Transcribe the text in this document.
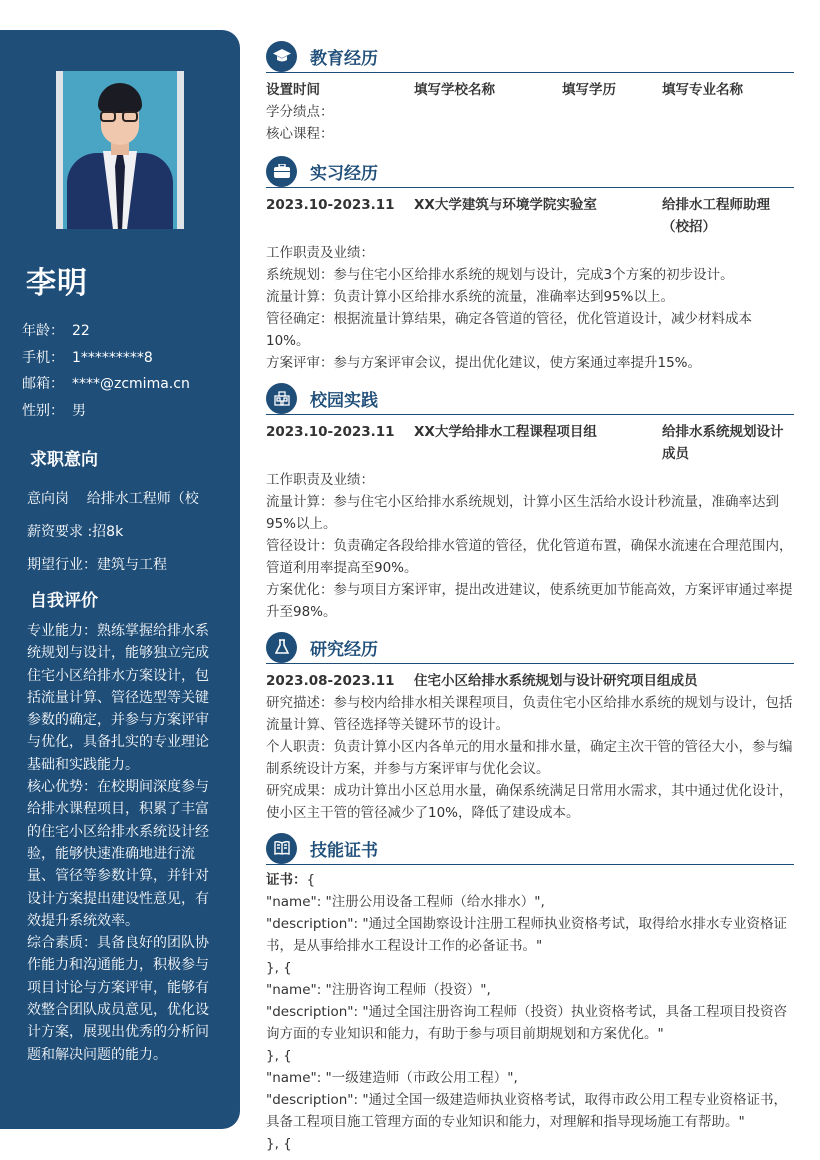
李明
年龄： 22
手机： 1*********8
邮箱： ****@zcmima.cn
性别： 男
求职意向
意向岗    给排水工程师（校
薪资要求 :招8k
期望行业：建筑与工程
自我评价
专业能力：熟练掌握给排水系统规划与设计，能够独立完成住宅小区给排水方案设计，包括流量计算、管径选型等关键参数的确定，并参与方案评审与优化，具备扎实的专业理论基础和实践能力。
核心优势：在校期间深度参与给排水课程项目，积累了丰富的住宅小区给排水系统设计经验，能够快速准确地进行流量、管径等参数计算，并针对设计方案提出建设性意见，有效提升系统效率。
综合素质：具备良好的团队协作能力和沟通能力，积极参与项目讨论与方案评审，能够有效整合团队成员意见，优化设计方案，展现出优秀的分析问题和解决问题的能力。
教育经历
设置时间	填写学校名称	填写学历	填写专业名称
学分绩点：
核心课程：
实习经历
2023.10-2023.11	XX大学建筑与环境学院实验室	给排水工程师助理（校招）
工作职责及业绩：
系统规划：参与住宅小区给排水系统的规划与设计，完成3个方案的初步设计。
流量计算：负责计算小区给排水系统的流量，准确率达到95%以上。
管径确定：根据流量计算结果，确定各管道的管径，优化管道设计，减少材料成本10%。
方案评审：参与方案评审会议，提出优化建议，使方案通过率提升15%。
校园实践
2023.10-2023.11	XX大学给排水工程课程项目组	给排水系统规划设计成员
工作职责及业绩：
流量计算：参与住宅小区给排水系统规划，计算小区生活给水设计秒流量，准确率达到95%以上。
管径设计：负责确定各段给排水管道的管径，优化管道布置，确保水流速在合理范围内，管道利用率提高至90%。
方案优化：参与项目方案评审，提出改进建议，使系统更加节能高效，方案评审通过率提升至98%。
研究经历
2023.08-2023.11	住宅小区给排水系统规划与设计研究 项目组成员
研究描述：参与校内给排水相关课程项目，负责住宅小区给排水系统的规划与设计，包括流量计算、管径选择等关键环节的设计。
个人职责：负责计算小区内各单元的用水量和排水量，确定主次干管的管径大小，参与编制系统设计方案，并参与方案评审与优化会议。
研究成果：成功计算出小区总用水量，确保系统满足日常用水需求，其中通过优化设计，使小区主干管的管径减少了10%，降低了建设成本。
技能证书
证书：{
"name": "注册公用设备工程师（给水排水）",
"description": "通过全国勘察设计注册工程师执业资格考试，取得给水排水专业资格证书，是从事给排水工程设计工作的必备证书。"
}, {
"name": "注册咨询工程师（投资）",
"description": "通过全国注册咨询工程师（投资）执业资格考试，具备工程项目投资咨询方面的专业知识和能力，有助于参与项目前期规划和方案优化。"
}, {
"name": "一级建造师（市政公用工程）",
"description": "通过全国一级建造师执业资格考试，取得市政公用工程专业资格证书，具备工程项目施工管理方面的专业知识和能力，对理解和指导现场施工有帮助。"
}, {
